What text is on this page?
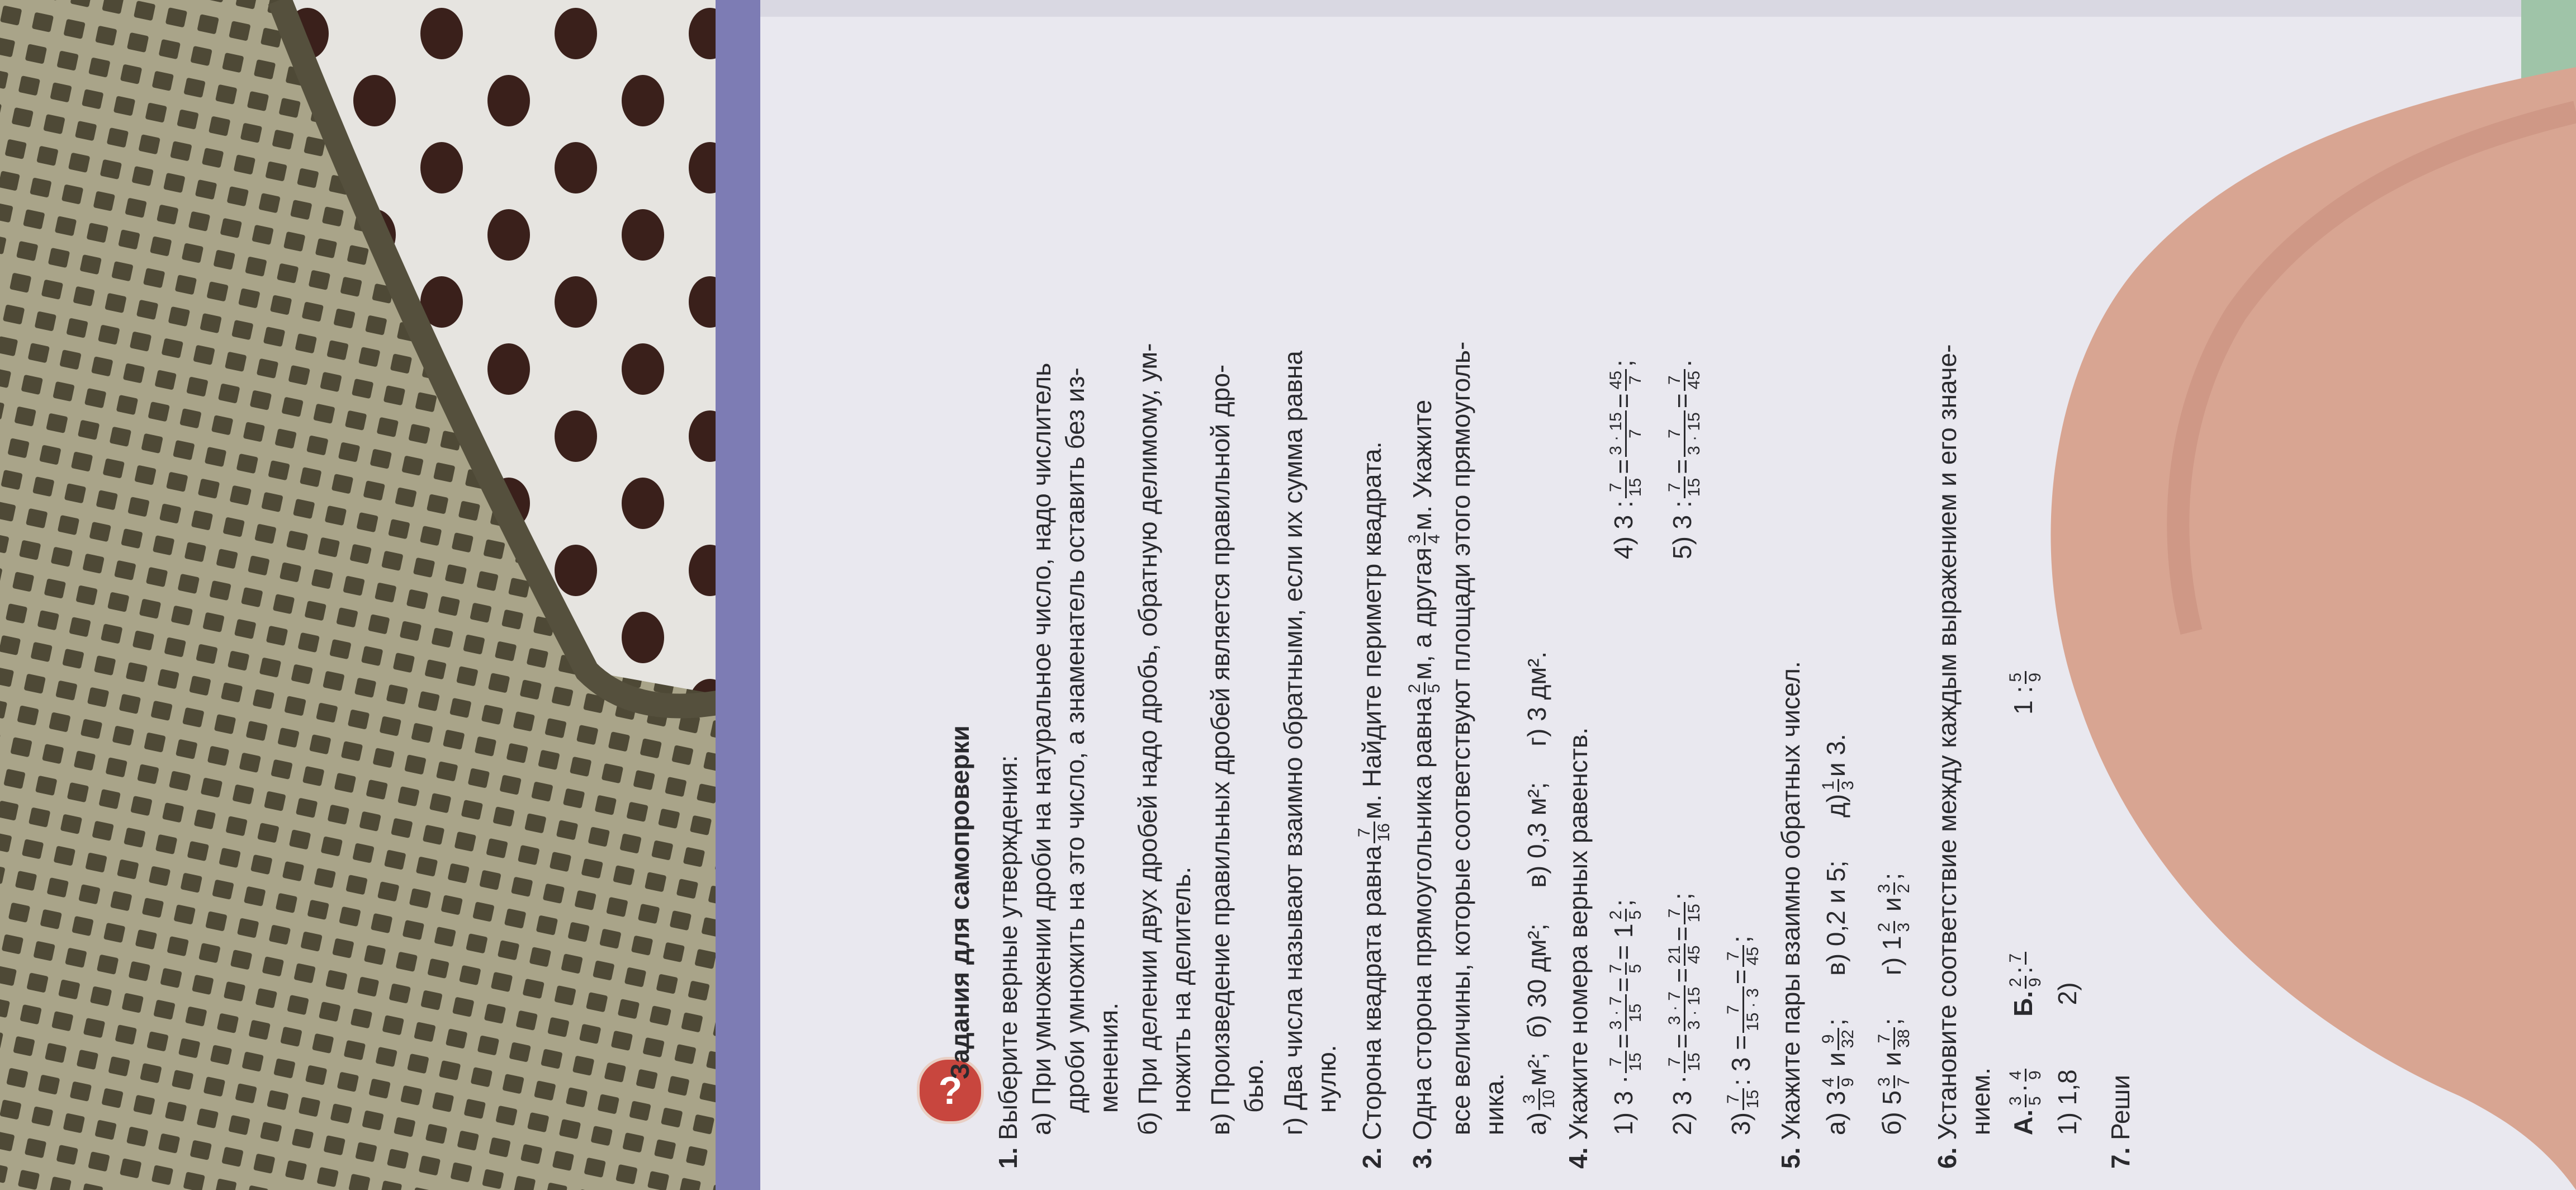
?
Задания для самопроверки
1. Выберите верные утверждения: а) При умножении дроби на натуральное число, надо числитель дроби умножить на это число, а знаменатель оставить без из- менения. б) При делении двух дробей надо дробь, обратную делимому, ум- ножить на делитель. в) Произведение правильных дробей является правильной дро- бью. г) Два числа называют взаимно обратными, если их сумма равна нулю.
2. Сторона квадрата равна
7 16
м. Найдите периметр квадрата.
3. Одна сторона прямоугольника равна
2 5
м, а другая
3 4
м. Укажите все величины, которые соответствуют площади этого прямоуголь- ника. а)
3 10
м²;  б) 30 дм²;     в) 0,3 м²;     г) 3 дм².
4. Укажите номера верных равенств. 1) 3 ·
7 15
=
3 · 7 15
=
7 5
= 1
2 5
;
2) 3 ·
7 15
=
3 · 7 3 · 15
=
21 45
=
7 15
;
3)
7 15
: 3 =
7 15 · 3
=
7 45
;
4) 3 :
7 15
=
3 · 15 7
=
45 7
;
5) 3 :
7 15
=
7 3 · 15
=
7 45
.
5. Укажите пары взаимно обратных чисел. а) 3
4 9
и
9 32
;      в) 0,2 и 5;      д)
1 3
и 3.
б) 5
3 7
и
7 38
;      г) 1
2 3
и
3 2
;
6. Установите соответствие между каждым выражением и его значе- нием. А.
3 5
·
4 9
Б.
2 9
:
7

1 :
5 9
1) 1,8         2)
7. Реши
